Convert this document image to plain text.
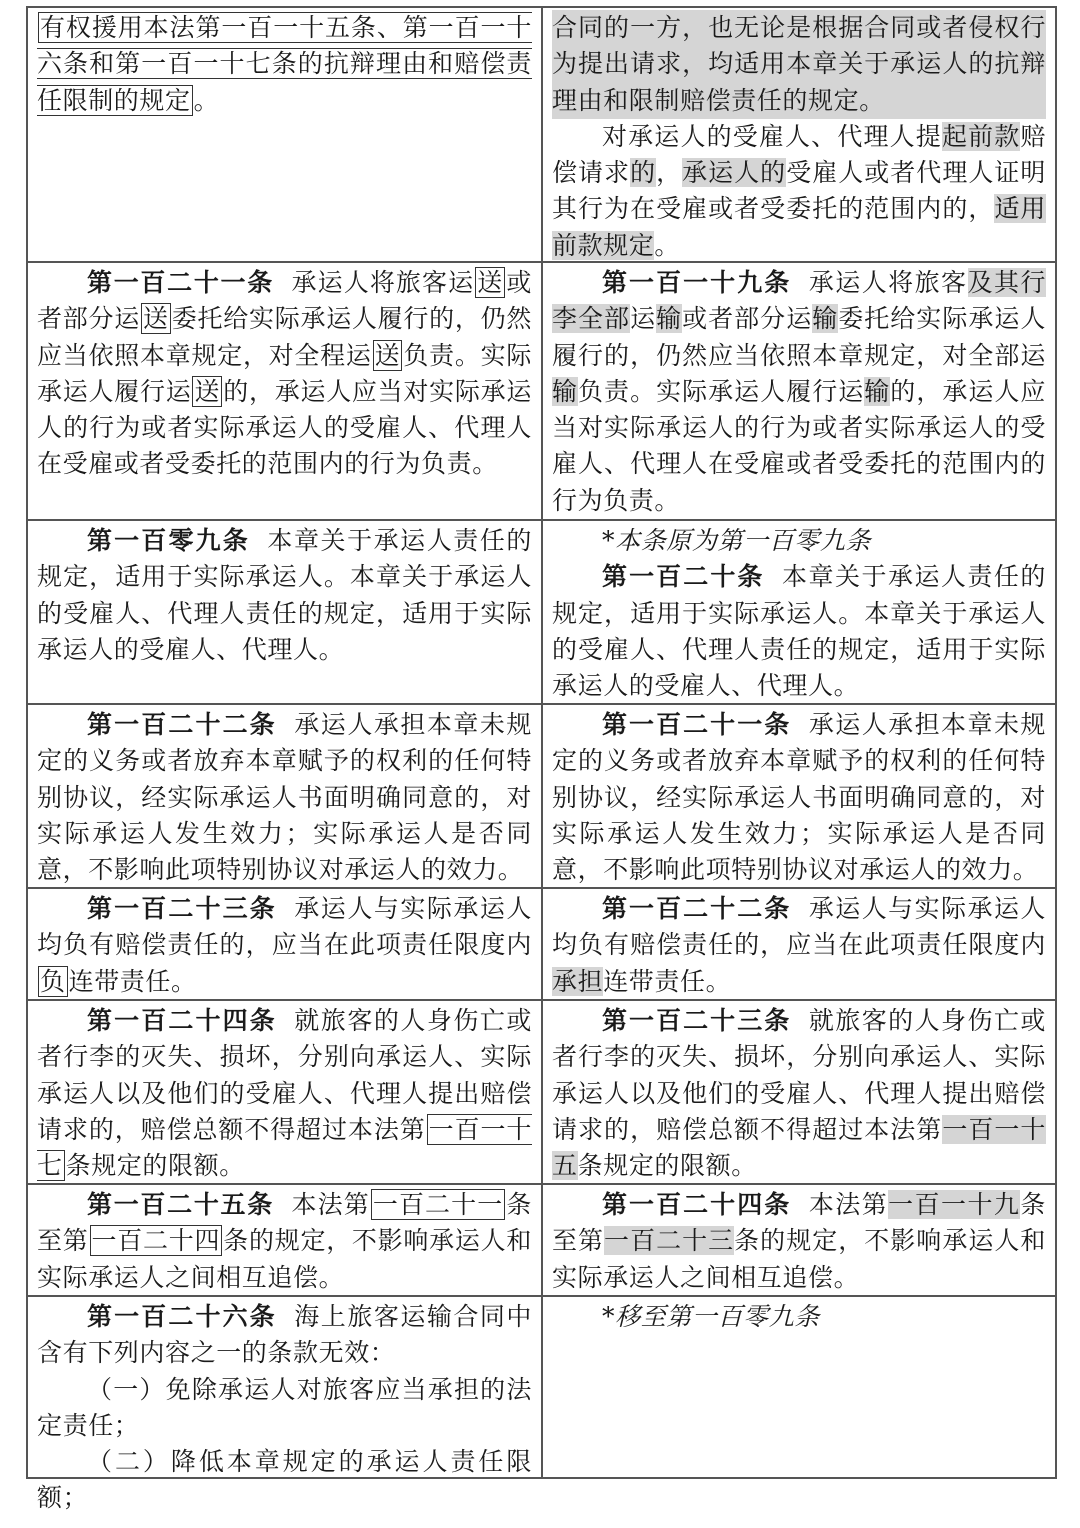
有权援用本法第一百一十五条、第一百一十六条和第一百一十七条的抗辩理由和赔偿责任限制的规定 。

合同的一方，也无论是根据合同或者侵权行为提出请求，均适用本章关于承运人的抗辩理由和限制赔偿责任的规定。

对承运人的受雇人、代理人提起前款赔偿请求的，承运人的受雇人或者代理人证明其行为在受雇或者受委托的范围内的，适用前款规定。

第一百二十一条 承运人将旅客运 送 或者部分运 送 委托给实际承运人履行的，仍然应当依照本章规定，对全程运 送 负责。实际承运人履行运 送 的，承运人应当对实际承运人的行为或者实际承运人的受雇人、代理人在受雇或者受委托的范围内的行为负责。

第一百一十九条 承运人将旅客及其行李全部运输或者部分运输委托给实际承运人履行的，仍然应当依照本章规定，对全部运输负责。实际承运人履行运输的，承运人应当对实际承运人的行为或者实际承运人的受雇人、代理人在受雇或者受委托的范围内的行为负责。

第一百零九条 本章关于承运人责任的规定，适用于实际承运人。本章关于承运人的受雇人、代理人责任的规定，适用于实际承运人的受雇人、代理人。

*本条原为第一百零九条

第一百二十条 本章关于承运人责任的规定，适用于实际承运人。本章关于承运人的受雇人、代理人责任的规定，适用于实际承运人的受雇人、代理人。

第一百二十二条 承运人承担本章未规定的义务或者放弃本章赋予的权利的任何特别协议，经实际承运人书面明确同意的，对实际承运人发生效力；实际承运人是否同意，不影响此项特别协议对承运人的效力。

第一百二十一条 承运人承担本章未规定的义务或者放弃本章赋予的权利的任何特别协议，经实际承运人书面明确同意的，对实际承运人发生效力；实际承运人是否同意，不影响此项特别协议对承运人的效力。

第一百二十三条 承运人与实际承运人均负有赔偿责任的，应当在此项责任限度内负 连带责任。

第一百二十二条 承运人与实际承运人均负有赔偿责任的，应当在此项责任限度内承担连带责任。

第一百二十四条 就旅客的人身伤亡或者行李的灭失、损坏，分别向承运人、实际承运人以及他们的受雇人、代理人提出赔偿请求的，赔偿总额不得超过本法第 一百一十七 条规定的限额。

第一百二十三条 就旅客的人身伤亡或者行李的灭失、损坏，分别向承运人、实际承运人以及他们的受雇人、代理人提出赔偿请求的，赔偿总额不得超过本法第一百一十五条规定的限额。

第一百二十五条 本法第 一百二十一 条至第 一百二十四 条的规定，不影响承运人和实际承运人之间相互追偿。

第一百二十四条 本法第一百一十九条至第一百二十三条的规定，不影响承运人和实际承运人之间相互追偿。

第一百二十六条 海上旅客运输合同中含有下列内容之一的条款无效：

（一）免除承运人对旅客应当承担的法定责任；

（二）降低本章规定的承运人责任限额；

*移至第一百零九条
